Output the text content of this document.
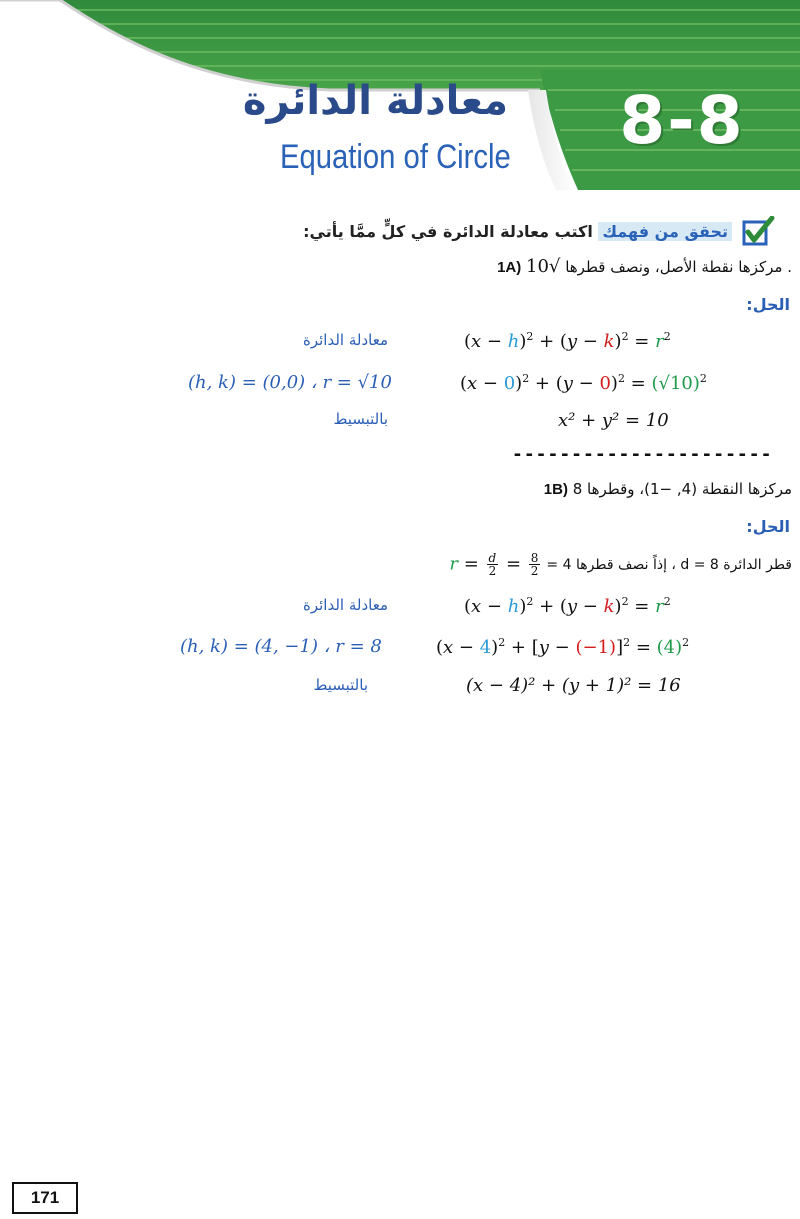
معادلة الدائرة
Equation of Circle	8-8
تحقق من فهمك اكتب معادلة الدائرة في كلٍّ ممَّا يأتي:
1A)	مركزها نقطة الأصل، ونصف قطرها √10	.
الحل:
معادلة الدائرة	$(x - h)^2 + (y - k)^2 = r^2$
(h, k) = (0,0) ، r = √10	$(x - 0)^2 + (y - 0)^2 = (√10)^2$
بالتبسيط	x² + y² = 10
----------------------
1B) مركزها النقطة (4, −1)، وقطرها 8
الحل:
$r = \frac{d}{2} = \frac{8}{2}$ قطر الدائرة 8 = d ، إذاً نصف قطرها 4 =
معادلة الدائرة	$(x - h)^2 + (y - k)^2 = r^2$
(h, k) = (4, −1) ، r = 8	$(x - 4)^2 + [y - (-1)]^2 = (4)^2$
بالتبسيط	(x − 4)² + (y + 1)² = 16
171
